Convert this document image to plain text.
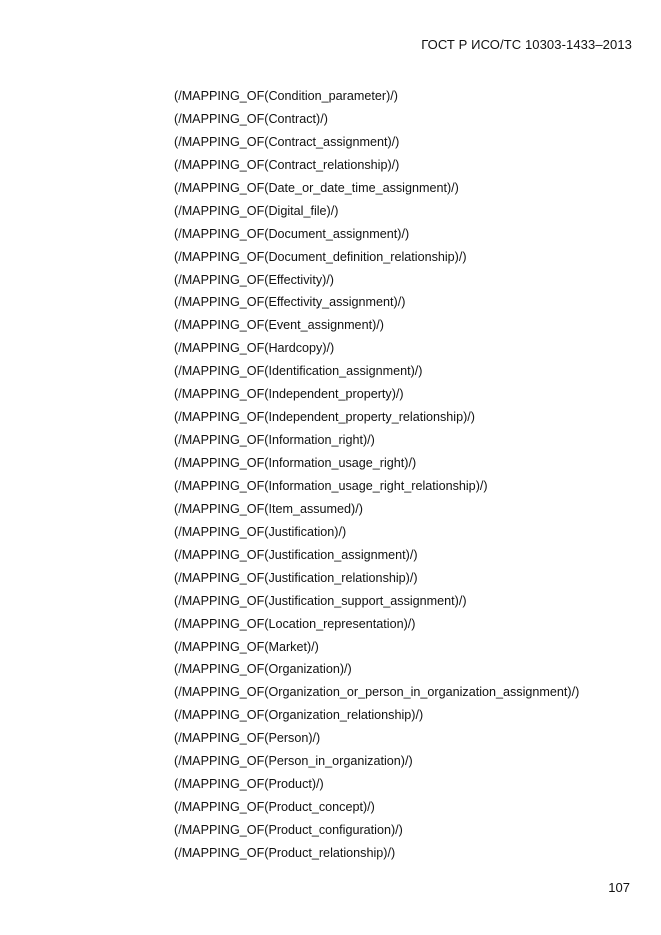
ГОСТ Р ИСО/ТС 10303-1433–2013
(/MAPPING_OF(Condition_parameter)/)
(/MAPPING_OF(Contract)/)
(/MAPPING_OF(Contract_assignment)/)
(/MAPPING_OF(Contract_relationship)/)
(/MAPPING_OF(Date_or_date_time_assignment)/)
(/MAPPING_OF(Digital_file)/)
(/MAPPING_OF(Document_assignment)/)
(/MAPPING_OF(Document_definition_relationship)/)
(/MAPPING_OF(Effectivity)/)
(/MAPPING_OF(Effectivity_assignment)/)
(/MAPPING_OF(Event_assignment)/)
(/MAPPING_OF(Hardcopy)/)
(/MAPPING_OF(Identification_assignment)/)
(/MAPPING_OF(Independent_property)/)
(/MAPPING_OF(Independent_property_relationship)/)
(/MAPPING_OF(Information_right)/)
(/MAPPING_OF(Information_usage_right)/)
(/MAPPING_OF(Information_usage_right_relationship)/)
(/MAPPING_OF(Item_assumed)/)
(/MAPPING_OF(Justification)/)
(/MAPPING_OF(Justification_assignment)/)
(/MAPPING_OF(Justification_relationship)/)
(/MAPPING_OF(Justification_support_assignment)/)
(/MAPPING_OF(Location_representation)/)
(/MAPPING_OF(Market)/)
(/MAPPING_OF(Organization)/)
(/MAPPING_OF(Organization_or_person_in_organization_assignment)/)
(/MAPPING_OF(Organization_relationship)/)
(/MAPPING_OF(Person)/)
(/MAPPING_OF(Person_in_organization)/)
(/MAPPING_OF(Product)/)
(/MAPPING_OF(Product_concept)/)
(/MAPPING_OF(Product_configuration)/)
(/MAPPING_OF(Product_relationship)/)
107
